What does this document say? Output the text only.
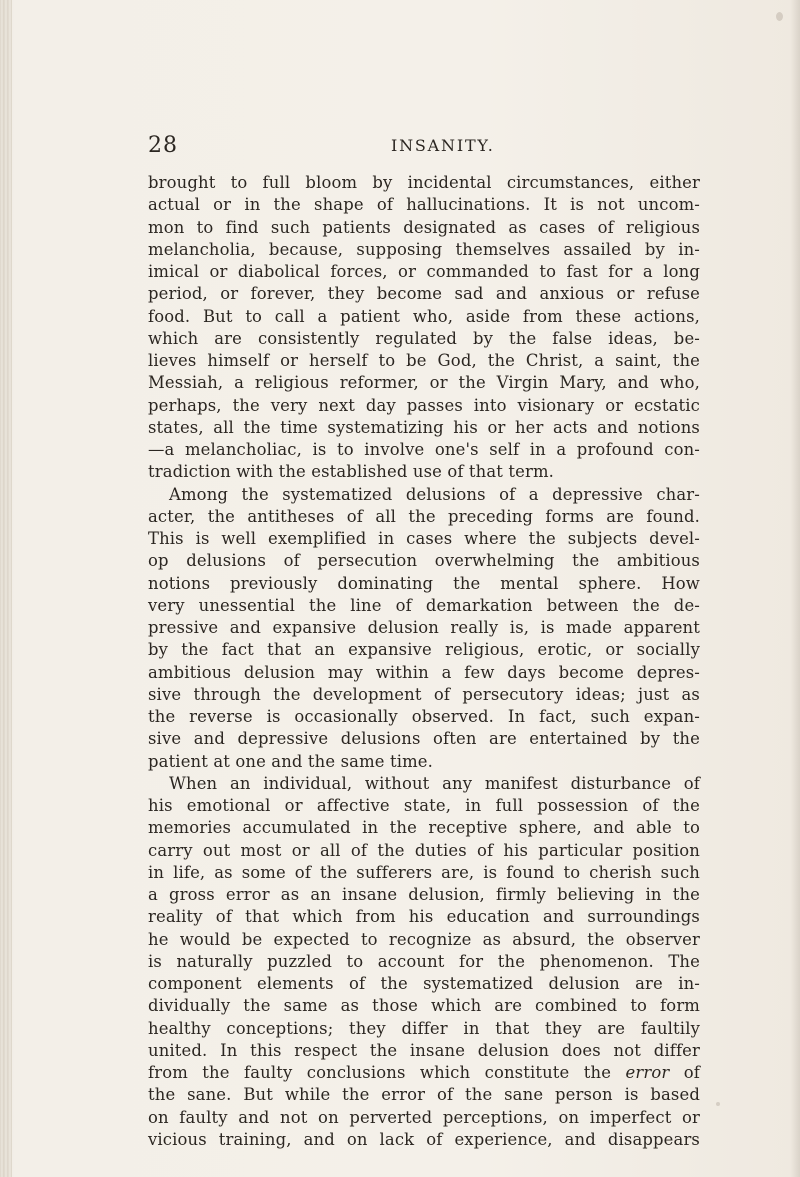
28	INSANITY.
brought to full bloom by incidental circumstances, either
actual or in the shape of hallucinations. It is not uncom-
mon to find such patients designated as cases of religious
melancholia, because, supposing themselves assailed by in-
imical or diabolical forces, or commanded to fast for a long
period, or forever, they become sad and anxious or refuse
food. But to call a patient who, aside from these actions,
which are consistently regulated by the false ideas, be-
lieves himself or herself to be God, the Christ, a saint, the
Messiah, a religious reformer, or the Virgin Mary, and who,
perhaps, the very next day passes into visionary or ecstatic
states, all the time systematizing his or her acts and notions
—a melancholiac, is to involve one's self in a profound con-
tradiction with the established use of that term.
Among the systematized delusions of a depressive char-
acter, the antitheses of all the preceding forms are found.
This is well exemplified in cases where the subjects devel-
op delusions of persecution overwhelming the ambitious
notions previously dominating the mental sphere. How
very unessential the line of demarkation between the de-
pressive and expansive delusion really is, is made apparent
by the fact that an expansive religious, erotic, or socially
ambitious delusion may within a few days become depres-
sive through the development of persecutory ideas; just as
the reverse is occasionally observed. In fact, such expan-
sive and depressive delusions often are entertained by the
patient at one and the same time.
When an individual, without any manifest disturbance of
his emotional or affective state, in full possession of the
memories accumulated in the receptive sphere, and able to
carry out most or all of the duties of his particular position
in life, as some of the sufferers are, is found to cherish such
a gross error as an insane delusion, firmly believing in the
reality of that which from his education and surroundings
he would be expected to recognize as absurd, the observer
is naturally puzzled to account for the phenomenon. The
component elements of the systematized delusion are in-
dividually the same as those which are combined to form
healthy conceptions; they differ in that they are faultily
united. In this respect the insane delusion does not differ
from the faulty conclusions which constitute the error of
the sane. But while the error of the sane person is based
on faulty and not on perverted perceptions, on imperfect or
vicious training, and on lack of experience, and disappears
